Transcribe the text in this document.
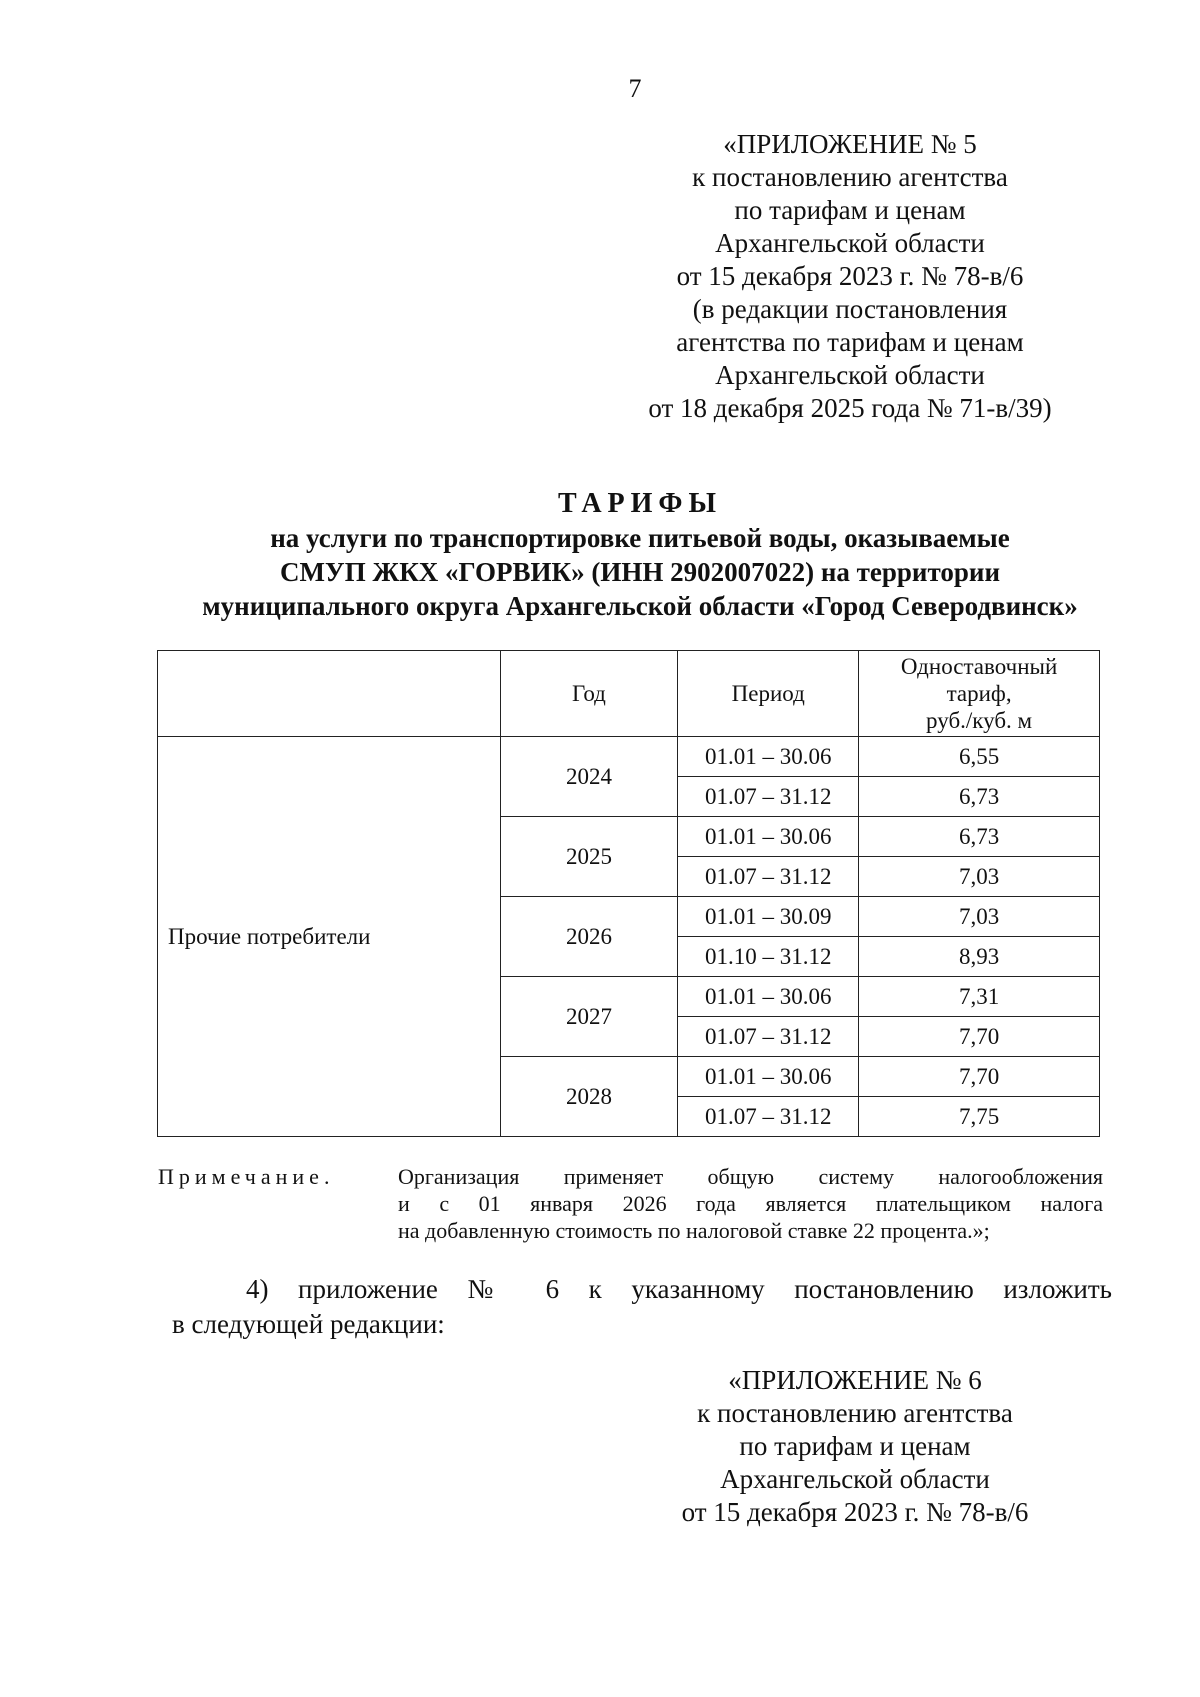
7
«ПРИЛОЖЕНИЕ № 5
к постановлению агентства
по тарифам и ценам
Архангельской области
от 15 декабря 2023 г. № 78-в/6
(в редакции постановления
агентства по тарифам и ценам
Архангельской области
от 18 декабря 2025 года № 71-в/39)
ТАРИФЫ
на услуги по транспортировке питьевой воды, оказываемые
СМУП ЖКХ «ГОРВИК» (ИНН 2902007022) на территории
муниципального округа Архангельской области «Город Северодвинск»
	Год	Период	Одноставочный
тариф,
руб./куб. м
Прочие потребители	2024	01.01 – 30.06	6,55
		01.07 – 31.12	6,73
	2025	01.01 – 30.06	6,73
		01.07 – 31.12	7,03
	2026	01.01 – 30.09	7,03
		01.10 – 31.12	8,93
	2027	01.01 – 30.06	7,31
		01.07 – 31.12	7,70
	2028	01.01 – 30.06	7,70
		01.07 – 31.12	7,75
Примечание.	Организация применяет общую систему налогообложения
и с 01 января 2026 года является плательщиком налога
на добавленную стоимость по налоговой ставке 22 процента.»;
4) приложение № 6 к указанному постановлению изложить
в следующей редакции:
«ПРИЛОЖЕНИЕ № 6
к постановлению агентства
по тарифам и ценам
Архангельской области
от 15 декабря 2023 г. № 78-в/6
